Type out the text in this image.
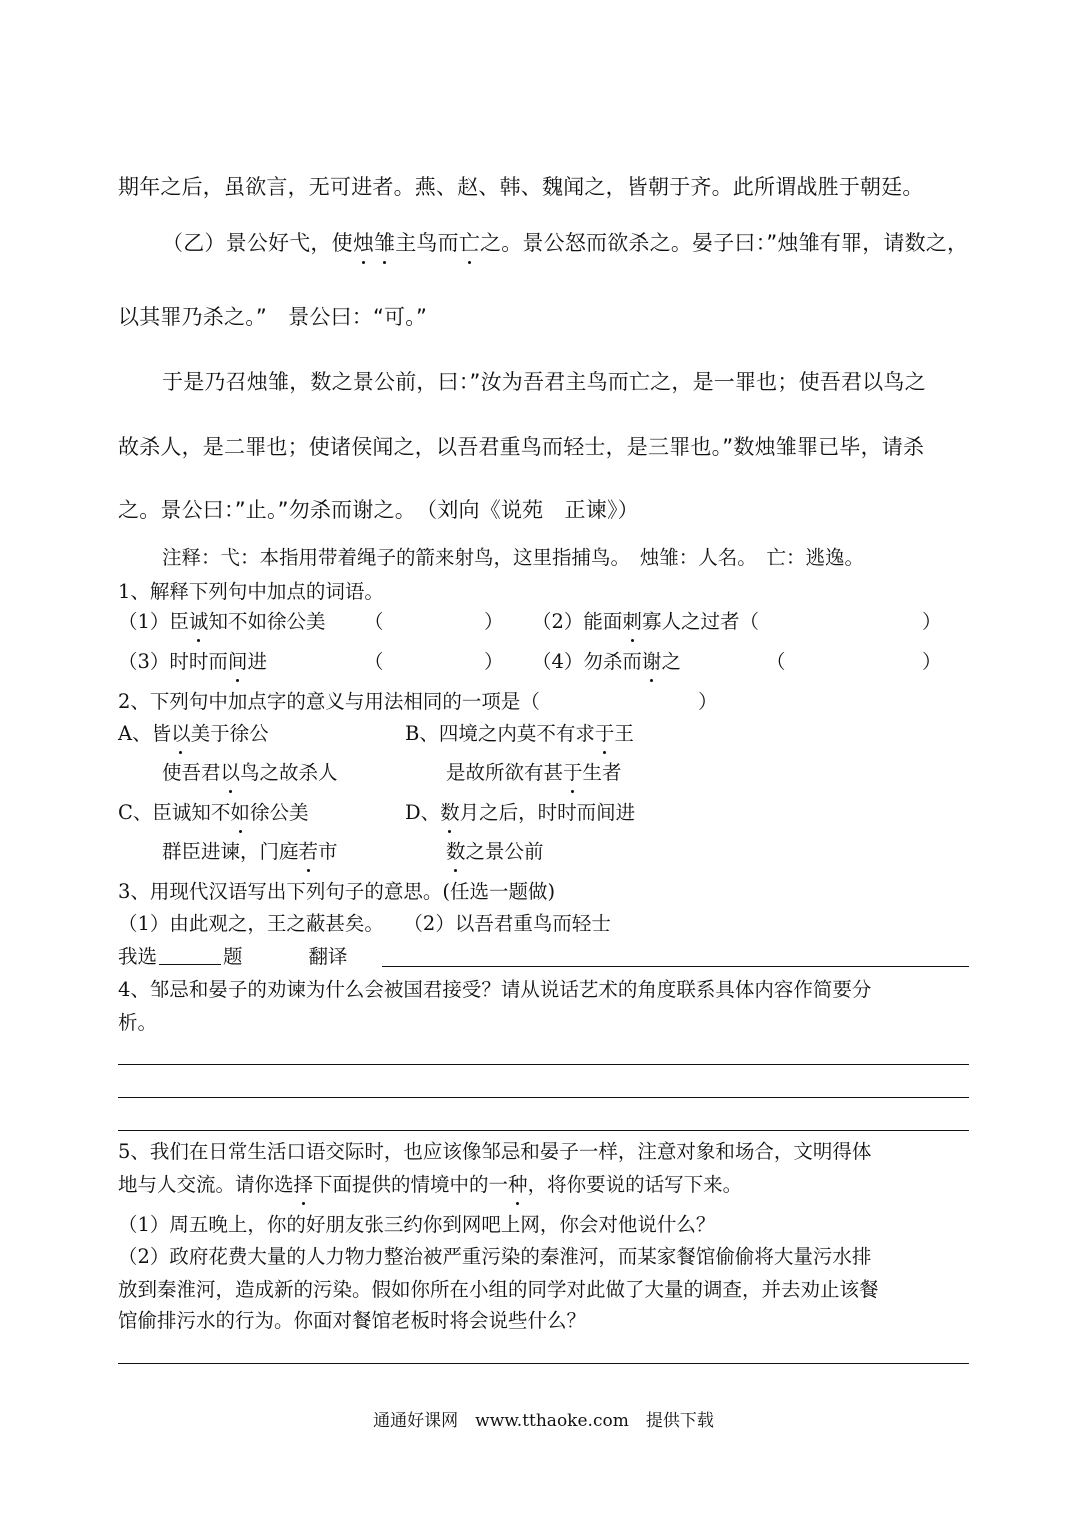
期年之后，虽欲言，无可进者。燕、赵、韩、魏闻之，皆朝于齐。此所谓战胜于朝廷。
（乙）景公好弋，使烛雏主鸟而亡之。景公怒而欲杀之。晏子曰：”烛雏有罪，请数之，
以其罪乃杀之。”　景公曰：“可。”
于是乃召烛雏，数之景公前，曰：”汝为吾君主鸟而亡之，是一罪也；使吾君以鸟之
故杀人，是二罪也；使诸侯闻之，以吾君重鸟而轻士，是三罪也。”数烛雏罪已毕，请杀
之。景公曰：”止。”勿杀而谢之。　（刘向《说苑　正谏》）
注释：弋：本指用带着绳子的箭来射鸟，这里指捕鸟。　烛雏：人名。　亡：逃逸。
1、解释下列句中加点的词语。
（1）臣诚知不如徐公美 （	） （2）能面刺寡人之过者（	）
（3）时时而间进	（	） （4）勿杀而谢之	（	）
2、下列句中加点字的意义与用法相同的一项是（	）
A、皆以美于徐公	B、四境之内莫不有求于王
使吾君以鸟之故杀人	是故所欲有甚于生者
C、臣诚知不如徐公美	D、数月之后，时时而间进
群臣进谏，门庭若市	数之景公前
3、用现代汉语写出下列句子的意思。(任选一题做)
（1）由此观之，王之蔽甚矣。　　（2）以吾君重鸟而轻士
我选	题	翻译
4、邹忌和晏子的劝谏为什么会被国君接受？请从说话艺术的角度联系具体内容作简要分
析。
5、我们在日常生活口语交际时，也应该像邹忌和晏子一样，注意对象和场合，文明得体
地与人交流。请你选择下面提供的情境中的一种，将你要说的话写下来。
（1）周五晚上，你的好朋友张三约你到网吧上网，你会对他说什么？
（2）政府花费大量的人力物力整治被严重污染的秦淮河，而某家餐馆偷偷将大量污水排
放到秦淮河，造成新的污染。假如你所在小组的同学对此做了大量的调查，并去劝止该餐
馆偷排污水的行为。你面对餐馆老板时将会说些什么？
通通好课网　www.tthaoke.com　提供下载
